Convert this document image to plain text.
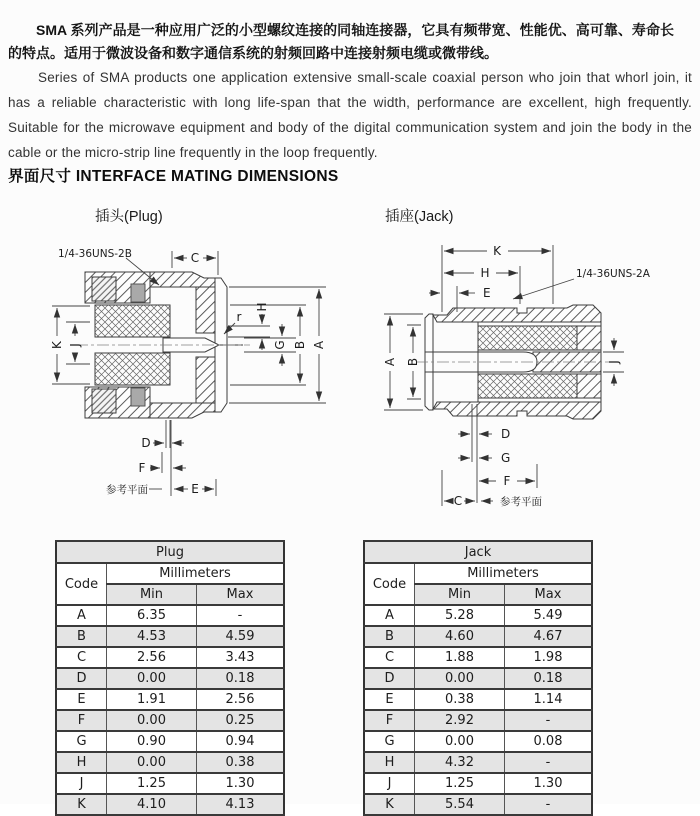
SMA 系列产品是一种应用广泛的小型螺纹连接的同轴连接器，它具有频带宽、性能优、高可靠、寿命长的特点。适用于微波设备和数字通信系统的射频回路中连接射频电缆或微带线。

Series of SMA products one application extensive small-scale coaxial person who join that whorl join, it has a reliable characteristic with long life-span that the width, performance are excellent, high frequently. Suitable for the microwave equipment and body of the digital communication system and join the body in the cable or the micro-strip line frequently in the loop frequently.

界面尺寸 INTERFACE MATING DIMENSIONS
插头(Plug)	插座(Jack)
C
A
B
H
G
K J
D
F
E
r
1/4-36UNS-2B
参考平面
K
H
E
A B	J
D
G
F
C
1/4-36UNS-2A
参考平面
Plug		
Code	Millimeters	
	Min	Max
A	6.35	-
B	4.53	4.59
C	2.56	3.43
D	0.00	0.18
E	1.91	2.56
F	0.00	0.25
G	0.90	0.94
H	0.00	0.38
J	1.25	1.30
K	4.10	4.13
Jack		
Code	Millimeters	
	Min	Max
A	5.28	5.49
B	4.60	4.67
C	1.88	1.98
D	0.00	0.18
E	0.38	1.14
F	2.92	-
G	0.00	0.08
H	4.32	-
J	1.25	1.30
K	5.54	-
